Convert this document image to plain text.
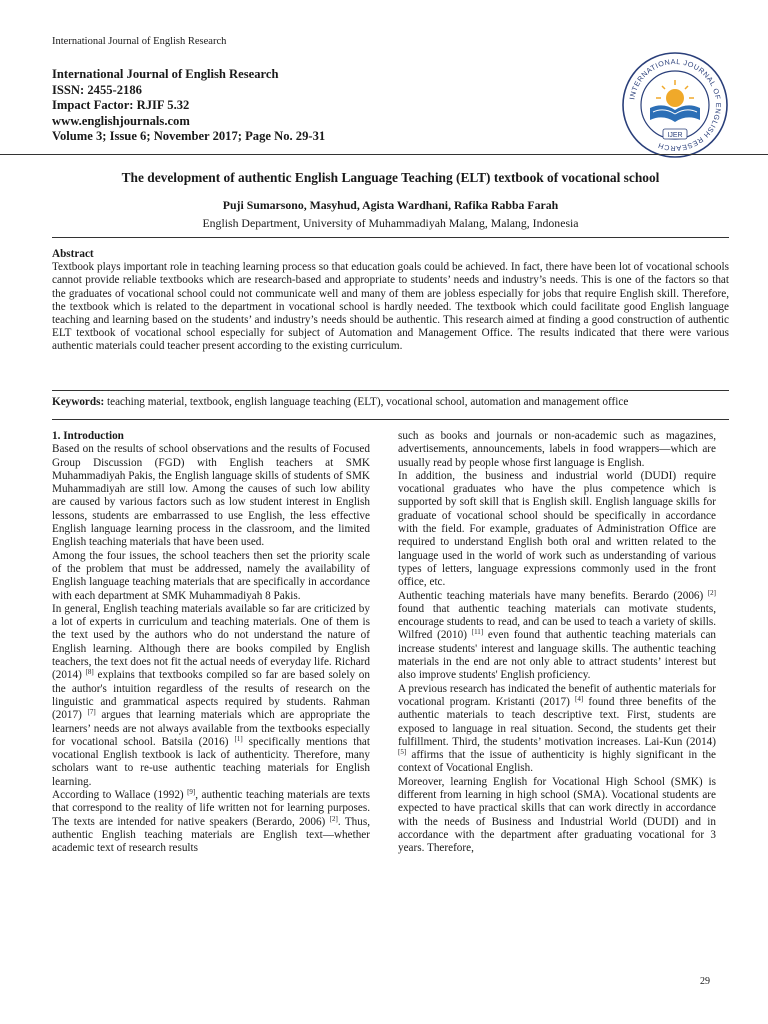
International Journal of English Research
International Journal of English Research
ISSN: 2455-2186
Impact Factor: RJIF 5.32
www.englishjournals.com
Volume 3; Issue 6; November 2017; Page No. 29-31
INTERNATIONAL JOURNAL OF ENGLISH RESEARCH
IJER
The development of authentic English Language Teaching (ELT) textbook of vocational school
Puji Sumarsono, Masyhud, Agista Wardhani, Rafika Rabba Farah
English Department, University of Muhammadiyah Malang, Malang, Indonesia
Abstract
Textbook plays important role in teaching learning process so that education goals could be achieved. In fact, there have been lot of vocational schools cannot provide reliable textbooks which are research-based and appropriate to students’ needs and industry’s needs. This is one of the factors so that the graduates of vocational school could not communicate well and many of them are jobless especially for jobs that require English skill. Therefore, the textbook which is related to the department in vocational school is hardly needed. The textbook which could facilitate good English language teaching and learning based on the students’ and industry’s needs should be authentic. This research aimed at finding a good construction of authentic ELT textbook of vocational school especially for subject of Automation and Management Office. The results indicated that there were various authentic materials could teacher present according to the existing curriculum.
Keywords: teaching material, textbook, english language teaching (ELT), vocational school, automation and management office
1. Introduction

Based on the results of school observations and the results of Focused Group Discussion (FGD) with English teachers at SMK Muhammadiyah Pakis, the English language skills of students of SMK Muhammadiyah are still low. Among the causes of such low ability are caused by various factors such as low student interest in English lessons, students are embarrassed to use English, the less effective English language learning process in the classroom, and the limited English teaching materials that have been used.

Among the four issues, the school teachers then set the priority scale of the problem that must be addressed, namely the availability of English language teaching materials that are specifically in accordance with each department at SMK Muhammadiyah 8 Pakis.

In general, English teaching materials available so far are criticized by a lot of experts in curriculum and teaching materials. One of them is the text used by the authors who do not understand the nature of English learning. Although there are books compiled by English teachers, the text does not fit the actual needs of everyday life. Richard (2014) [8] explains that textbooks compiled so far are based solely on the author's intuition regardless of the results of research on the linguistic and grammatical aspects required by students. Rahman (2017) [7] argues that learning materials which are appropriate the learners’ needs are not always available from the textbooks especially for vocational school. Batsila (2016) [1] specifically mentions that vocational English textbook is lack of authenticity. Therefore, many scholars want to re-use authentic teaching materials for English learning.

According to Wallace (1992) [9], authentic teaching materials are texts that correspond to the reality of life written not for learning purposes. The texts are intended for native speakers (Berardo, 2006) [2]. Thus, authentic English teaching materials are English text—whether academic text of research results

such as books and journals or non-academic such as magazines, advertisements, announcements, labels in food wrappers—which are usually read by people whose first language is English.

In addition, the business and industrial world (DUDI) require vocational graduates who have the plus competence which is supported by soft skill that is English skill. English language skills for graduate of vocational school should be specifically in accordance with the field. For example, graduates of Administration Office are required to understand English both oral and written related to the language used in the world of work such as understanding of various types of letters, language expressions commonly used in the front office, etc.

Authentic teaching materials have many benefits. Berardo (2006) [2] found that authentic teaching materials can motivate students, encourage students to read, and can be used to teach a variety of skills. Wilfred (2010) [11] even found that authentic teaching materials can increase students' interest and language skills. The authentic teaching materials in the end are not only able to attract students’ interest but also improve students' English proficiency.

A previous research has indicated the benefit of authentic materials for vocational program. Kristanti (2017) [4] found three benefits of the authentic materials to teach descriptive text. First, students are exposed to language in real situation. Second, the students get their fulfillment. Third, the students’ motivation increases. Lai-Kun (2014) [5] affirms that the issue of authenticity is highly significant in the context of Vocational English.

Moreover, learning English for Vocational High School (SMK) is different from learning in high school (SMA). Vocational students are expected to have practical skills that can work directly in accordance with the needs of Business and Industrial World (DUDI) and in accordance with the department after graduating vocational for 3 years. Therefore,

29
